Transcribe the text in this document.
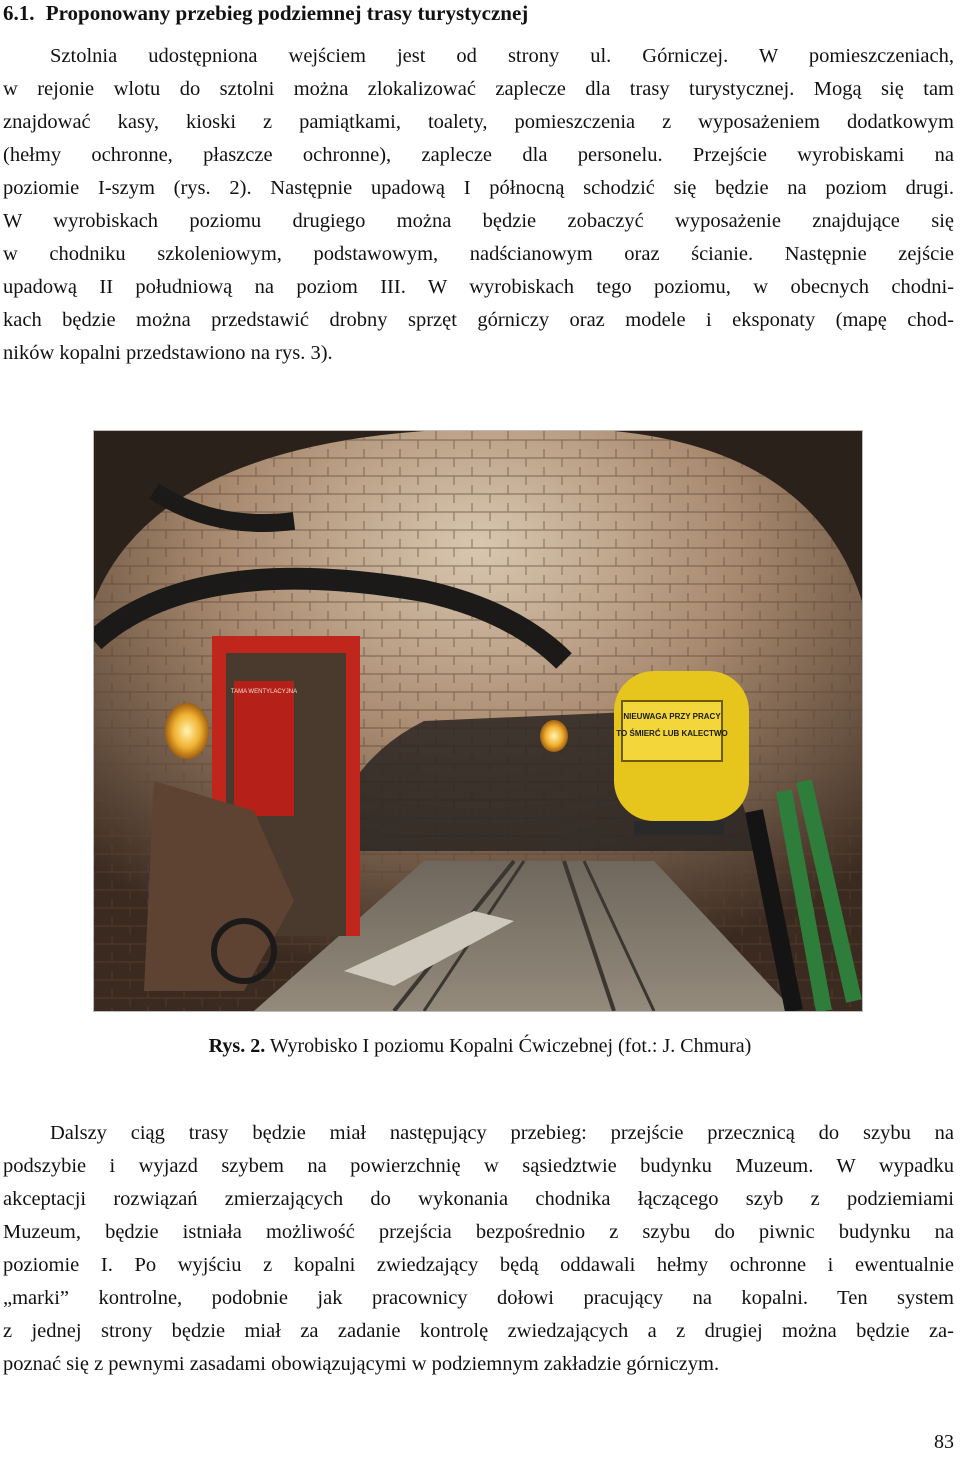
6.1. Proponowany przebieg podziemnej trasy turystycznej
Sztolnia udostępniona wejściem jest od strony ul. Górniczej. W pomieszczeniach,
w rejonie wlotu do sztolni można zlokalizować zaplecze dla trasy turystycznej. Mogą się tam
znajdować kasy, kioski z pamiątkami, toalety, pomieszczenia z wyposażeniem dodatkowym
(hełmy ochronne, płaszcze ochronne), zaplecze dla personelu. Przejście wyrobiskami na
poziomie I-szym (rys. 2). Następnie upadową I północną schodzić się będzie na poziom drugi.
W wyrobiskach poziomu drugiego można będzie zobaczyć wyposażenie znajdujące się
w chodniku szkoleniowym, podstawowym, nadścianowym oraz ścianie. Następnie zejście
upadową II południową na poziom III. W wyrobiskach tego poziomu, w obecnych chodni-
kach będzie można przedstawić drobny sprzęt górniczy oraz modele i eksponaty (mapę chod-
ników kopalni przedstawiono na rys. 3).
TAMA WENTYLACYJNA
NIEUWAGA PRZY PRACY
TO ŚMIERĆ LUB KALECTWO

Rys. 2. Wyrobisko I poziomu Kopalni Ćwiczebnej (fot.: J. Chmura)

Dalszy ciąg trasy będzie miał następujący przebieg: przejście przecznicą do szybu na
podszybie i wyjazd szybem na powierzchnię w sąsiedztwie budynku Muzeum. W wypadku
akceptacji rozwiązań zmierzających do wykonania chodnika łączącego szyb z podziemiami
Muzeum, będzie istniała możliwość przejścia bezpośrednio z szybu do piwnic budynku na
poziomie I. Po wyjściu z kopalni zwiedzający będą oddawali hełmy ochronne i ewentualnie
„marki” kontrolne, podobnie jak pracownicy dołowi pracujący na kopalni. Ten system
z jednej strony będzie miał za zadanie kontrolę zwiedzających a z drugiej można będzie za-
poznać się z pewnymi zasadami obowiązującymi w podziemnym zakładzie górniczym.

83
